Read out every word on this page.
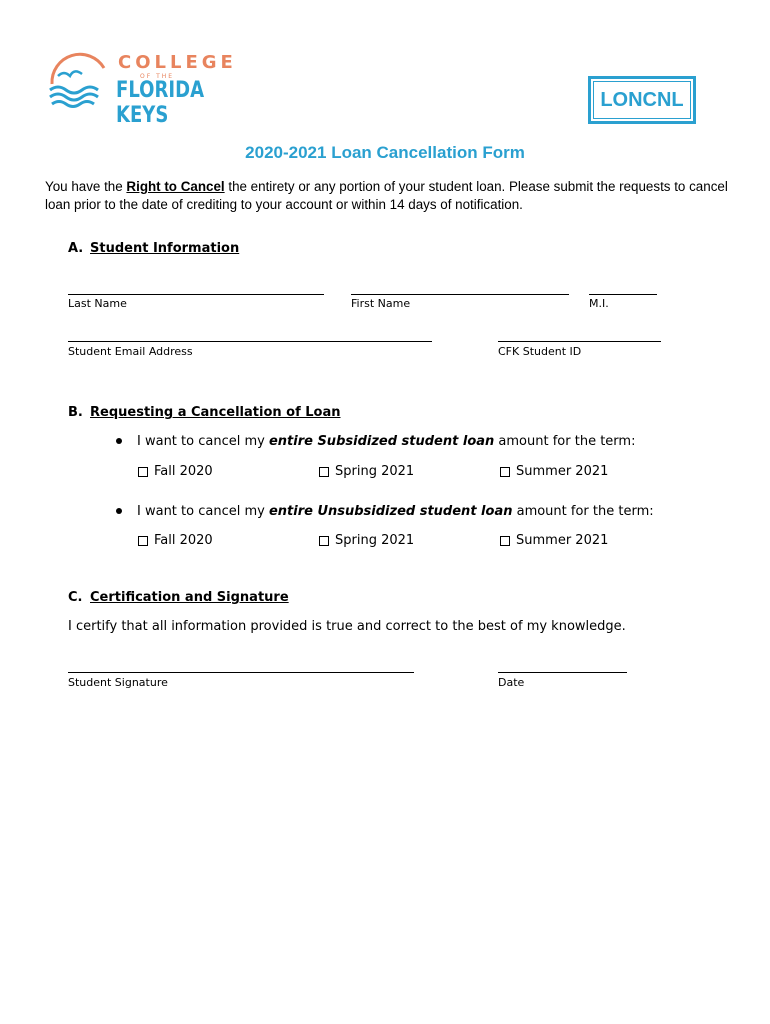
COLLEGE
OF THE
FLORIDA KEYS
LONCNL
2020-2021 Loan Cancellation Form
You have the Right to Cancel the entirety or any portion of your student loan. Please submit the requests to cancel loan prior to the date of crediting to your account or within 14 days of notification.
A. Student Information
Last Name	First Name	M.I.
Student Email Address	CFK Student ID
B. Requesting a Cancellation of Loan
I want to cancel my entire Subsidized student loan amount for the term:
Fall 2020	Spring 2021	Summer 2021
I want to cancel my entire Unsubsidized student loan amount for the term:
Fall 2020	Spring 2021	Summer 2021
C. Certification and Signature
I certify that all information provided is true and correct to the best of my knowledge.
Student Signature	Date
